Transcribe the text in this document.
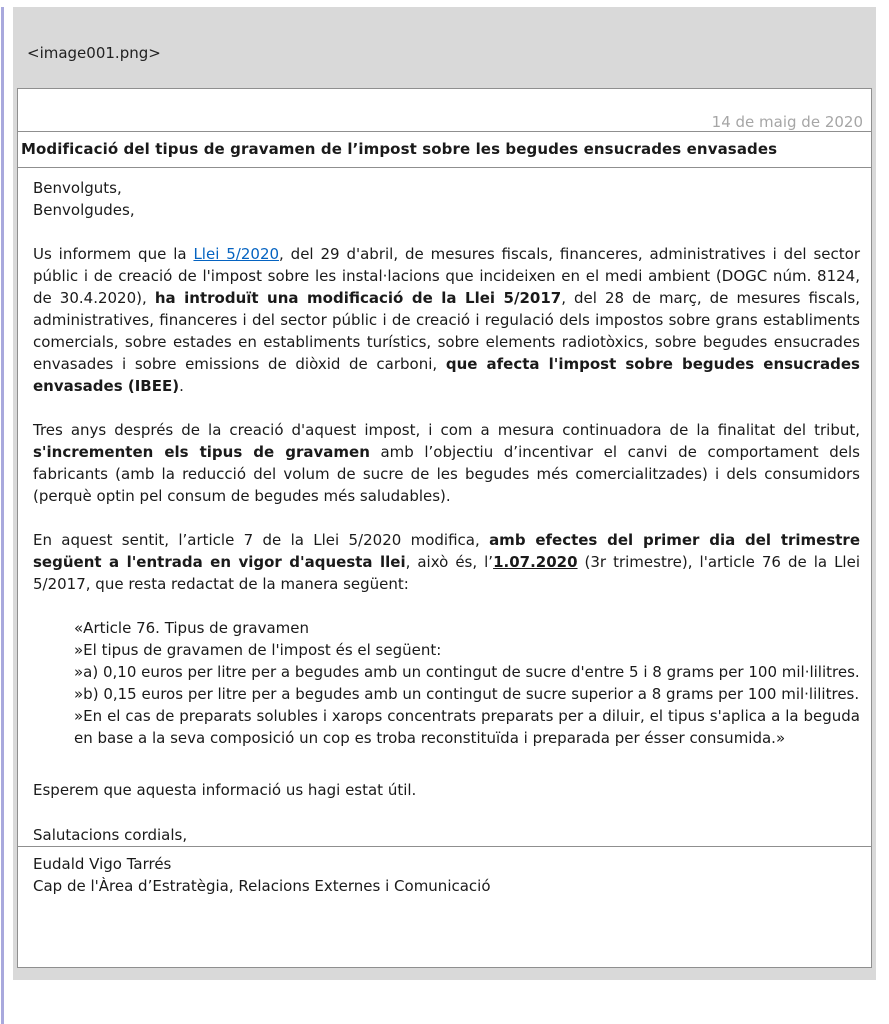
<image001.png>
14 de maig de 2020
Modificació del tipus de gravamen de l’impost sobre les begudes ensucrades envasades
Benvolguts,
Benvolgudes,
Us informem que la Llei 5/2020, del 29 d'abril, de mesures fiscals, financeres, administratives i del sector públic i de creació de l'impost sobre les instal·lacions que incideixen en el medi ambient (DOGC núm. 8124, de 30.4.2020), ha introduït una modificació de la Llei 5/2017, del 28 de març, de mesures fiscals, administratives, financeres i del sector públic i de creació i regulació dels impostos sobre grans establiments comercials, sobre estades en establiments turístics, sobre elements radiotòxics, sobre begudes ensucrades envasades i sobre emissions de diòxid de carboni, que afecta l'impost sobre begudes ensucrades envasades (IBEE).
Tres anys després de la creació d'aquest impost, i com a mesura continuadora de la finalitat del tribut, s'incrementen els tipus de gravamen amb l’objectiu d’incentivar el canvi de comportament dels fabricants (amb la reducció del volum de sucre de les begudes més comercialitzades) i dels consumidors (perquè optin pel consum de begudes més saludables).
En aquest sentit, l’article 7 de la Llei 5/2020 modifica, amb efectes del primer dia del trimestre següent a l'entrada en vigor d'aquesta llei, això és, l’1.07.2020 (3r trimestre), l'article 76 de la Llei 5/2017, que resta redactat de la manera següent:
«Article 76. Tipus de gravamen
»El tipus de gravamen de l'impost és el següent:
»a) 0,10 euros per litre per a begudes amb un contingut de sucre d'entre 5 i 8 grams per 100 mil·lilitres.
»b) 0,15 euros per litre per a begudes amb un contingut de sucre superior a 8 grams per 100 mil·lilitres.
»En el cas de preparats solubles i xarops concentrats preparats per a diluir, el tipus s'aplica a la beguda en base a la seva composició un cop es troba reconstituïda i preparada per ésser consumida.»
Esperem que aquesta informació us hagi estat útil.
Salutacions cordials,
Eudald Vigo Tarrés
Cap de l'Àrea d’Estratègia, Relacions Externes i Comunicació
